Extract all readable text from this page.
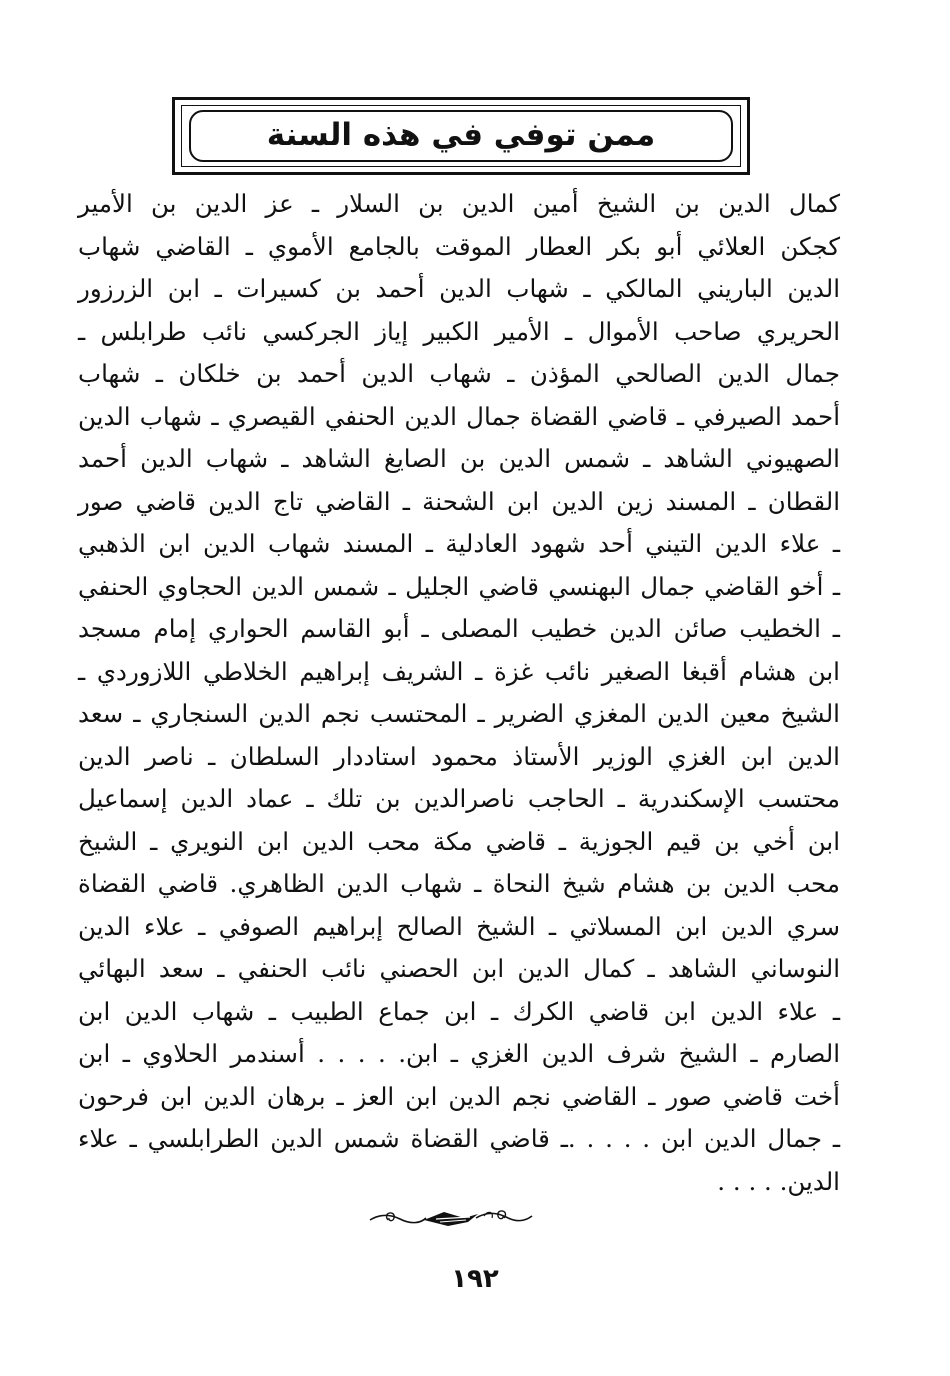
ممن توفي في هذه السنة
كمال الدين بن الشيخ أمين الدين بن السلار ـ عز الدين بن الأمير
كجكن العلائي أبو بكر العطار الموقت بالجامع الأموي ـ القاضي شهاب
الدين الباريني المالكي ـ شهاب الدين أحمد بن كسيرات ـ ابن الزرزور
الحريري صاحب الأموال ـ الأمير الكبير إياز الجركسي نائب طرابلس ـ
جمال الدين الصالحي المؤذن ـ شهاب الدين أحمد بن خلكان ـ شهاب
أحمد الصيرفي ـ قاضي القضاة جمال الدين الحنفي القيصري ـ شهاب الدين
الصهيوني الشاهد ـ شمس الدين بن الصايغ الشاهد ـ شهاب الدين أحمد
القطان ـ المسند زين الدين ابن الشحنة ـ القاضي تاج الدين قاضي صور
ـ علاء الدين التيني أحد شهود العادلية ـ المسند شهاب الدين ابن الذهبي
ـ أخو القاضي جمال البهنسي قاضي الجليل ـ شمس الدين الحجاوي الحنفي
ـ الخطيب صائن الدين خطيب المصلى ـ أبو القاسم الحواري إمام مسجد
ابن هشام أقبغا الصغير نائب غزة ـ الشريف إبراهيم الخلاطي اللازوردي ـ
الشيخ معين الدين المغزي الضرير ـ المحتسب نجم الدين السنجاري ـ سعد
الدين ابن الغزي الوزير الأستاذ محمود استاددار السلطان ـ ناصر الدين
محتسب الإسكندرية ـ الحاجب ناصرالدين بن تلك ـ عماد الدين إسماعيل
ابن أخي بن قيم الجوزية ـ قاضي مكة محب الدين ابن النويري ـ الشيخ
محب الدين بن هشام شيخ النحاة ـ شهاب الدين الظاهري. قاضي القضاة
سري الدين ابن المسلاتي ـ الشيخ الصالح إبراهيم الصوفي ـ علاء الدين
النوساني الشاهد ـ كمال الدين ابن الحصني نائب الحنفي ـ سعد البهائي
ـ علاء الدين ابن قاضي الكرك ـ ابن جماع الطبيب ـ شهاب الدين ابن
الصارم ـ الشيخ شرف الدين الغزي ـ ابن. . . . . أسندمر الحلاوي ـ ابن
أخت قاضي صور ـ القاضي نجم الدين ابن العز ـ برهان الدين ابن فرحون
ـ جمال الدين ابن . . . . .ـ قاضي القضاة شمس الدين الطرابلسي ـ علاء
الدين. . . . .
١٩٢
